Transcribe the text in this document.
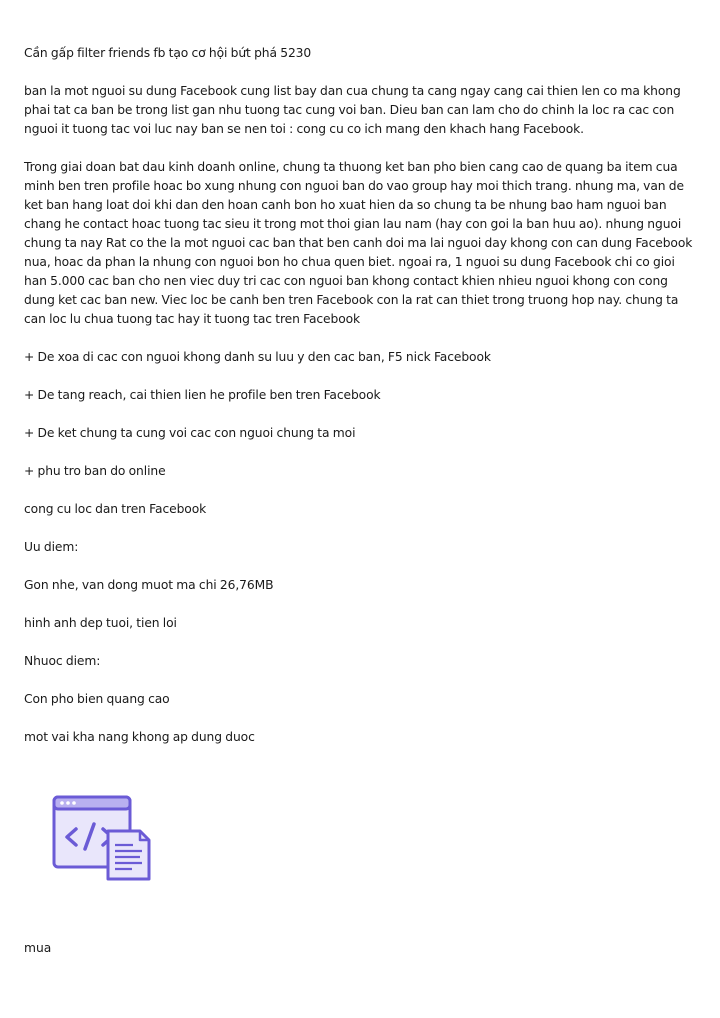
Cần gấp filter friends fb tạo cơ hội bứt phá 5230

ban la mot nguoi su dung Facebook cung list bay dan cua chung ta cang ngay cang cai thien len co ma khong phai tat ca ban be trong list gan nhu tuong tac cung voi ban. Dieu ban can lam cho do chinh la loc ra cac con nguoi it tuong tac voi luc nay ban se nen toi : cong cu co ich mang den khach hang Facebook.

Trong giai doan bat dau kinh doanh online, chung ta thuong ket ban pho bien cang cao de quang ba item cua minh ben tren profile hoac bo xung nhung con nguoi ban do vao group hay moi thich trang. nhung ma, van de ket ban hang loat doi khi dan den hoan canh bon ho xuat hien da so chung ta be nhung bao ham nguoi ban chang he contact hoac tuong tac sieu it trong mot thoi gian lau nam (hay con goi la ban huu ao). nhung nguoi chung ta nay Rat co the la mot nguoi cac ban that ben canh doi ma lai nguoi day khong con can dung Facebook nua, hoac da phan la nhung con nguoi bon ho chua quen biet. ngoai ra, 1 nguoi su dung Facebook chi co gioi han 5.000 cac ban cho nen viec duy tri cac con nguoi ban khong contact khien nhieu nguoi khong con cong dung ket cac ban new. Viec loc be canh ben tren Facebook con la rat can thiet trong truong hop nay. chung ta can loc lu chua tuong tac hay it tuong tac tren Facebook

+ De xoa di cac con nguoi khong danh su luu y den cac ban, F5 nick Facebook

+ De tang reach, cai thien lien he profile ben tren Facebook

+ De ket chung ta cung voi cac con nguoi chung ta moi

+ phu tro ban do online

cong cu loc dan tren Facebook

Uu diem:

Gon nhe, van dong muot ma chi 26,76MB

hinh anh dep tuoi, tien loi

Nhuoc diem:

Con pho bien quang cao

mot vai kha nang khong ap dung duoc

mua
